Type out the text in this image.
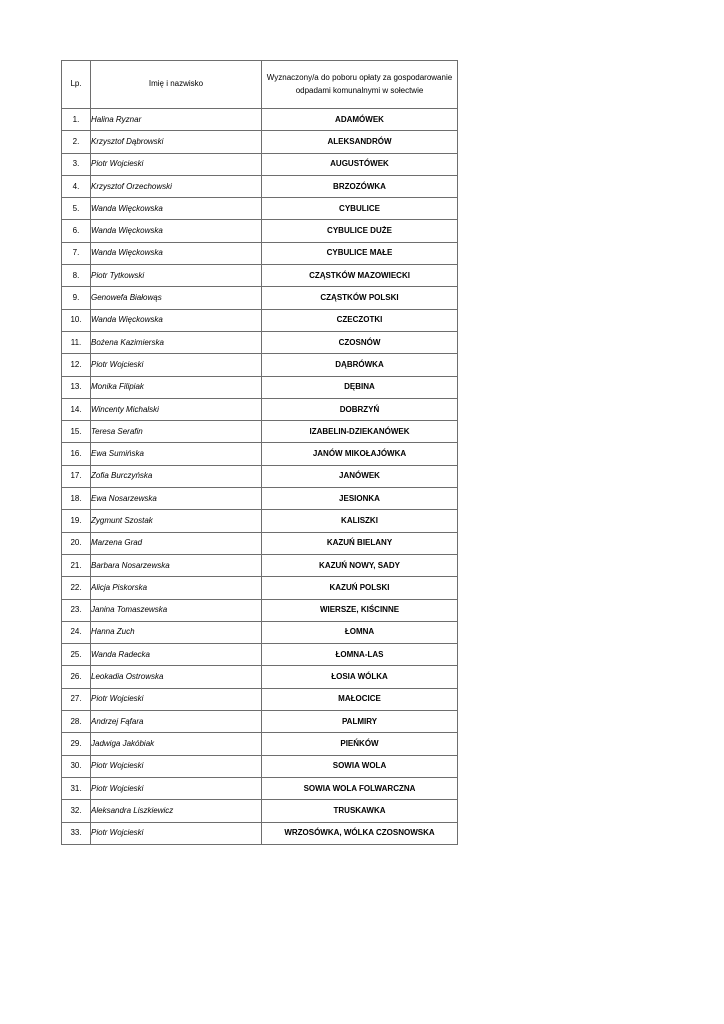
Lp.	Imię i nazwisko	Wyznaczony/a do poboru opłaty za gospodarowanie odpadami komunalnymi w sołectwie
1.	Halina Ryznar	ADAMÓWEK
2.	Krzysztof Dąbrowski	ALEKSANDRÓW
3.	Piotr Wojcieski	AUGUSTÓWEK
4.	Krzysztof Orzechowski	BRZOZÓWKA
5.	Wanda Więckowska	CYBULICE
6.	Wanda Więckowska	CYBULICE DUŻE
7.	Wanda Więckowska	CYBULICE MAŁE
8.	Piotr Tytkowski	CZĄSTKÓW MAZOWIECKI
9.	Genowefa Białowąs	CZĄSTKÓW POLSKI
10.	Wanda Więckowska	CZECZOTKI
11.	Bożena Kazimierska	CZOSNÓW
12.	Piotr Wojcieski	DĄBRÓWKA
13.	Monika Filipiak	DĘBINA
14.	Wincenty Michalski	DOBRZYŃ
15.	Teresa Serafin	IZABELIN-DZIEKANÓWEK
16.	Ewa Sumińska	JANÓW MIKOŁAJÓWKA
17.	Zofia Burczyńska	JANÓWEK
18.	Ewa Nosarzewska	JESIONKA
19.	Zygmunt Szostak	KALISZKI
20.	Marzena Grad	KAZUŃ BIELANY
21.	Barbara Nosarzewska	KAZUŃ NOWY, SADY
22.	Alicja Piskorska	KAZUŃ POLSKI
23.	Janina Tomaszewska	WIERSZE, KIŚCINNE
24.	Hanna Zuch	ŁOMNA
25.	Wanda Radecka	ŁOMNA-LAS
26.	Leokadia Ostrowska	ŁOSIA WÓLKA
27.	Piotr Wojcieski	MAŁOCICE
28.	Andrzej Fąfara	PALMIRY
29.	Jadwiga Jakóbiak	PIEŃKÓW
30.	Piotr Wojcieski	SOWIA WOLA
31.	Piotr Wojcieski	SOWIA WOLA FOLWARCZNA
32.	Aleksandra Liszkiewicz	TRUSKAWKA
33.	Piotr Wojcieski	WRZOSÓWKA, WÓLKA CZOSNOWSKA
